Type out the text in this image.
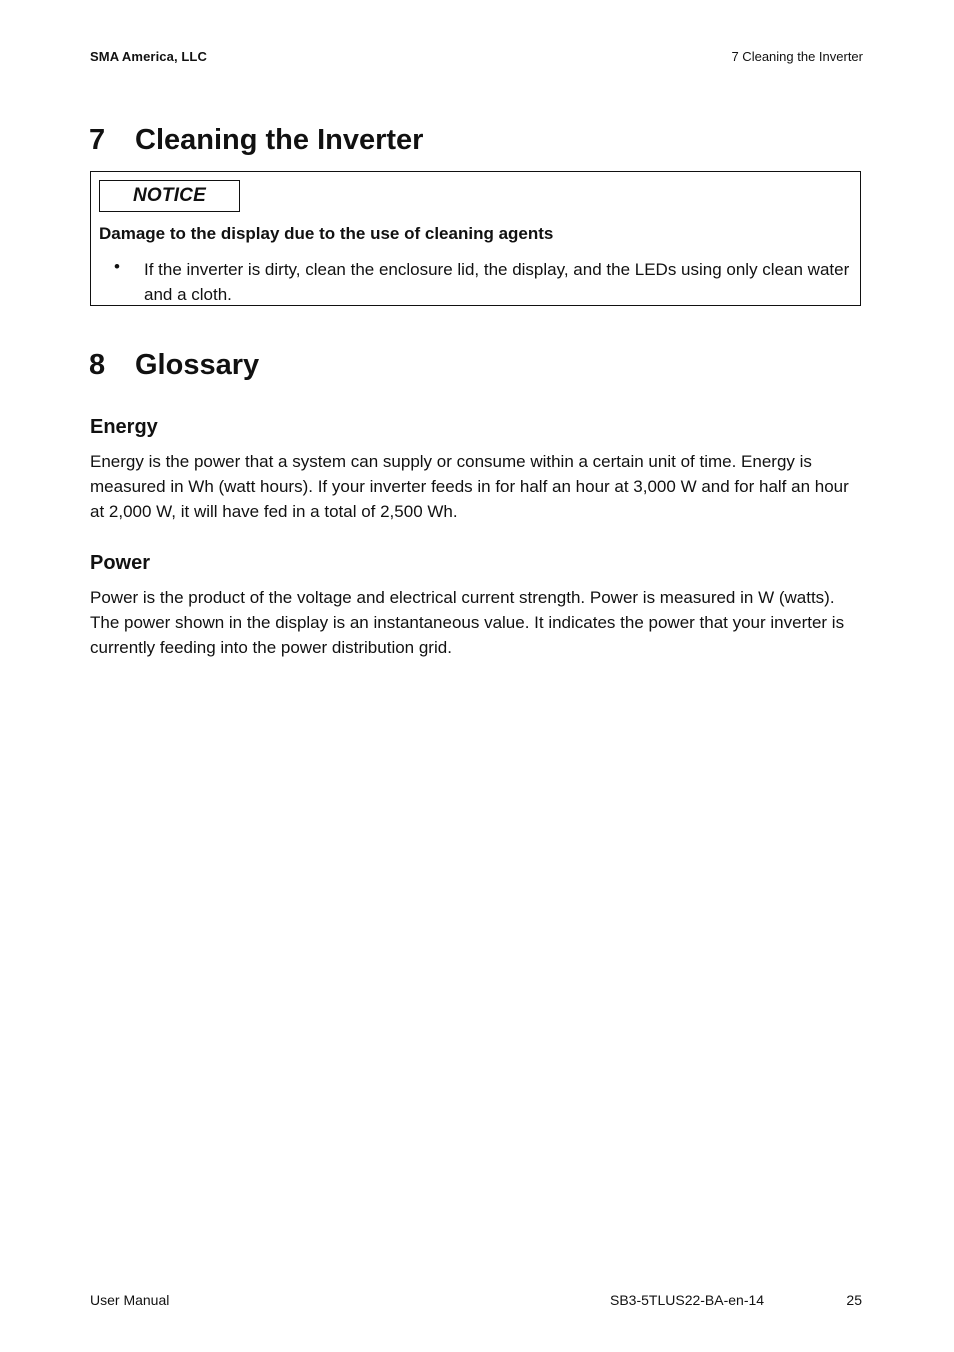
SMA America, LLC	7 Cleaning the Inverter
7 Cleaning the Inverter
NOTICE
Damage to the display due to the use of cleaning agents
• If the inverter is dirty, clean the enclosure lid, the display, and the LEDs using only clean water and a cloth.
8 Glossary
Energy
Energy is the power that a system can supply or consume within a certain unit of time. Energy is measured in Wh (watt hours). If your inverter feeds in for half an hour at 3,000 W and for half an hour at 2,000 W, it will have fed in a total of 2,500 Wh.
Power
Power is the product of the voltage and electrical current strength. Power is measured in W (watts). The power shown in the display is an instantaneous value. It indicates the power that your inverter is currently feeding into the power distribution grid.
User Manual	SB3-5TLUS22-BA-en-14	25
